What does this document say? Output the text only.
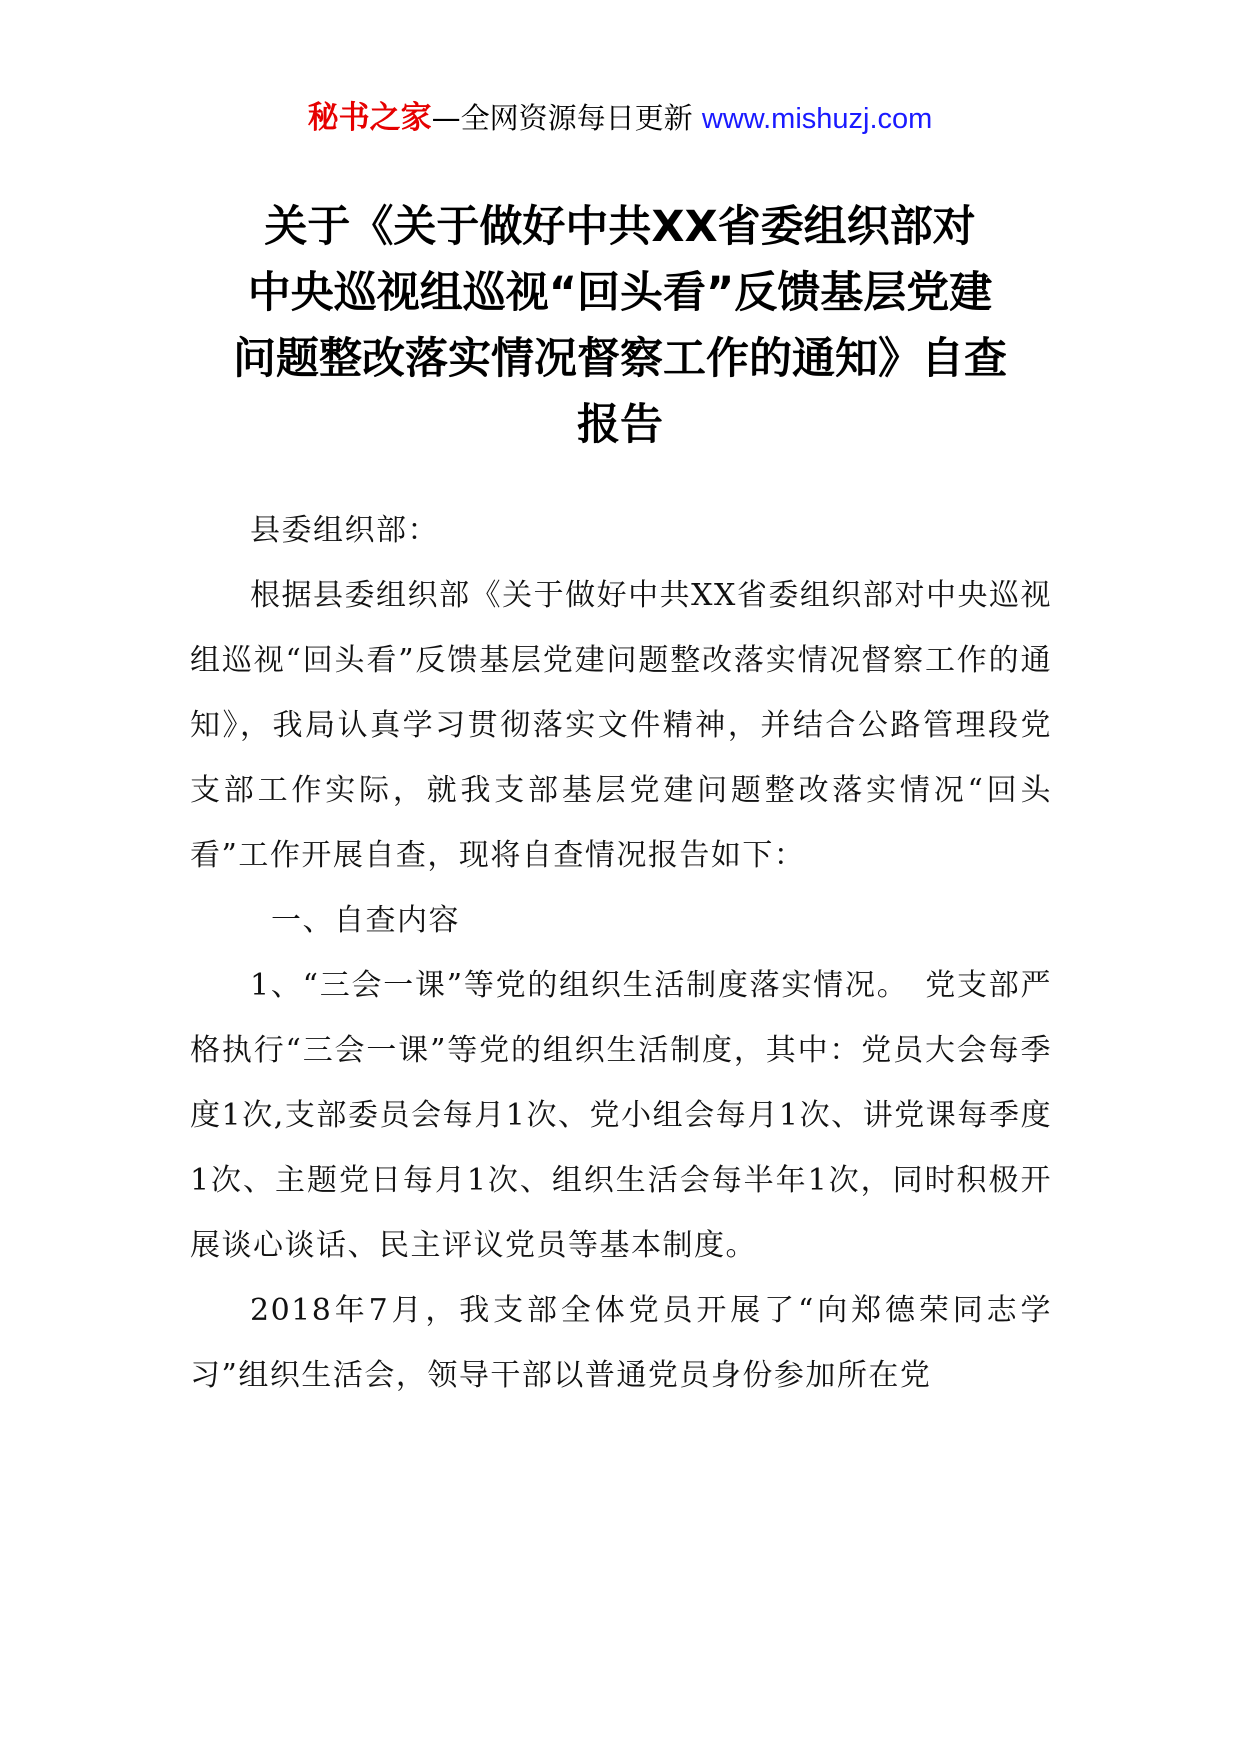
秘书之家—全网资源每日更新 www.mishuzj.com
关于《关于做好中共XX省委组织部对
中央巡视组巡视“回头看”反馈基层党建
问题整改落实情况督察工作的通知》自查
报告

县委组织部：

根据县委组织部《关于做好中共XX省委组织部对中央巡视组巡视“回头看”反馈基层党建问题整改落实情况督察工作的通知》，我局认真学习贯彻落实文件精神，并结合公路管理段党支部工作实际，就我支部基层党建问题整改落实情况“回头看”工作开展自查，现将自查情况报告如下：

一、自查内容

1、“三会一课”等党的组织生活制度落实情况。　党支部严格执行“三会一课”等党的组织生活制度，其中：党员大会每季度1次,支部委员会每月1次、党小组会每月1次、讲党课每季度1次、主题党日每月1次、组织生活会每半年1次，同时积极开展谈心谈话、民主评议党员等基本制度。

2018年7月，我支部全体党员开展了“向郑德荣同志学习”组织生活会，领导干部以普通党员身份参加所在党
